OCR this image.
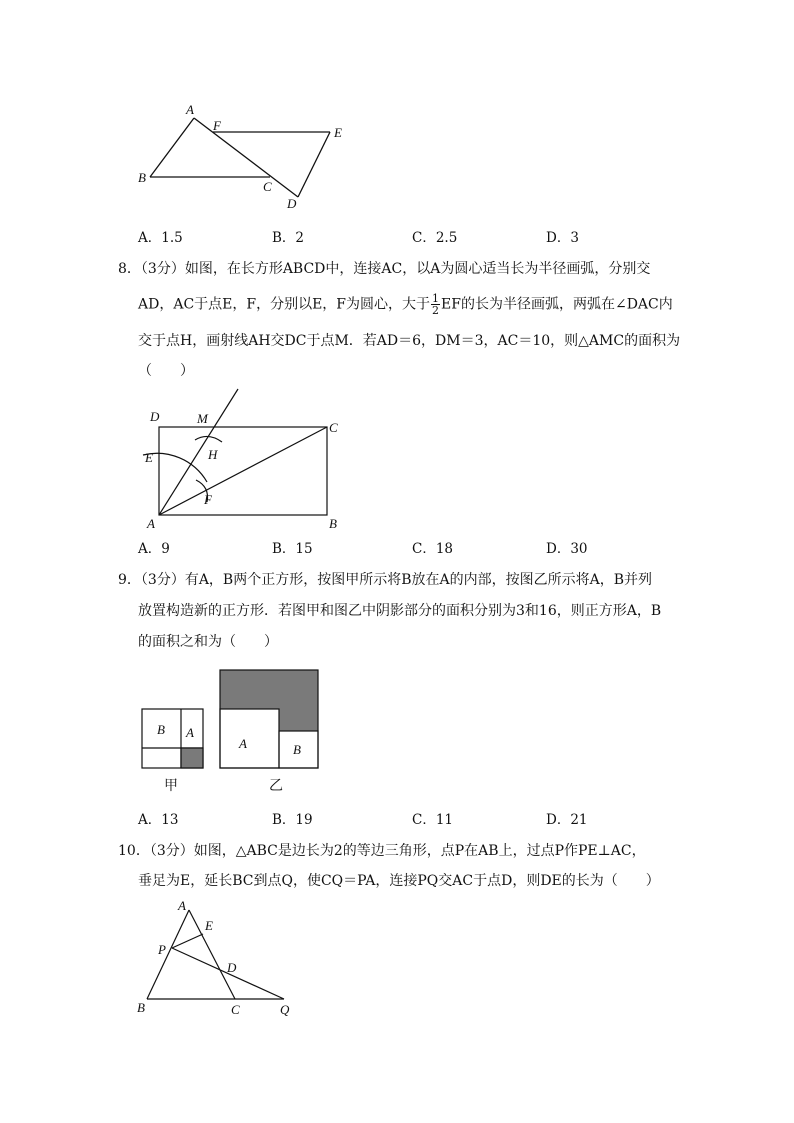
A
F	E
B
C
D
A．1.5	B．2	C．2.5	D．3
8．（3分）如图，在长方形ABCD中，连接AC，以A为圆心适当长为半径画弧，分别交
AD，AC于点E，F，分别以E，F为圆心，大于 $\frac{1}{2}$ EF的长为半径画弧，两弧在∠DAC内
交于点H，画射线AH交DC于点M．若AD＝6，DM＝3，AC＝10，则△AMC的面积为
（　　）
D	M
C
E	H
F
A	B
A．9	B．15	C．18	D．30
9．（3分）有A，B两个正方形，按图甲所示将B放在A的内部，按图乙所示将A，B并列
放置构造新的正方形．若图甲和图乙中阴影部分的面积分别为3和16，则正方形A，B
的面积之和为（　　）
B A
甲
A	B
乙
A．13	B．19	C．11	D．21
10．（3分）如图，△ABC是边长为2的等边三角形，点P在AB上，过点P作PE⊥AC，
垂足为E，延长BC到点Q，使CQ＝PA，连接PQ交AC于点D，则DE的长为（　　）
A
E
P
D
B	C	Q
